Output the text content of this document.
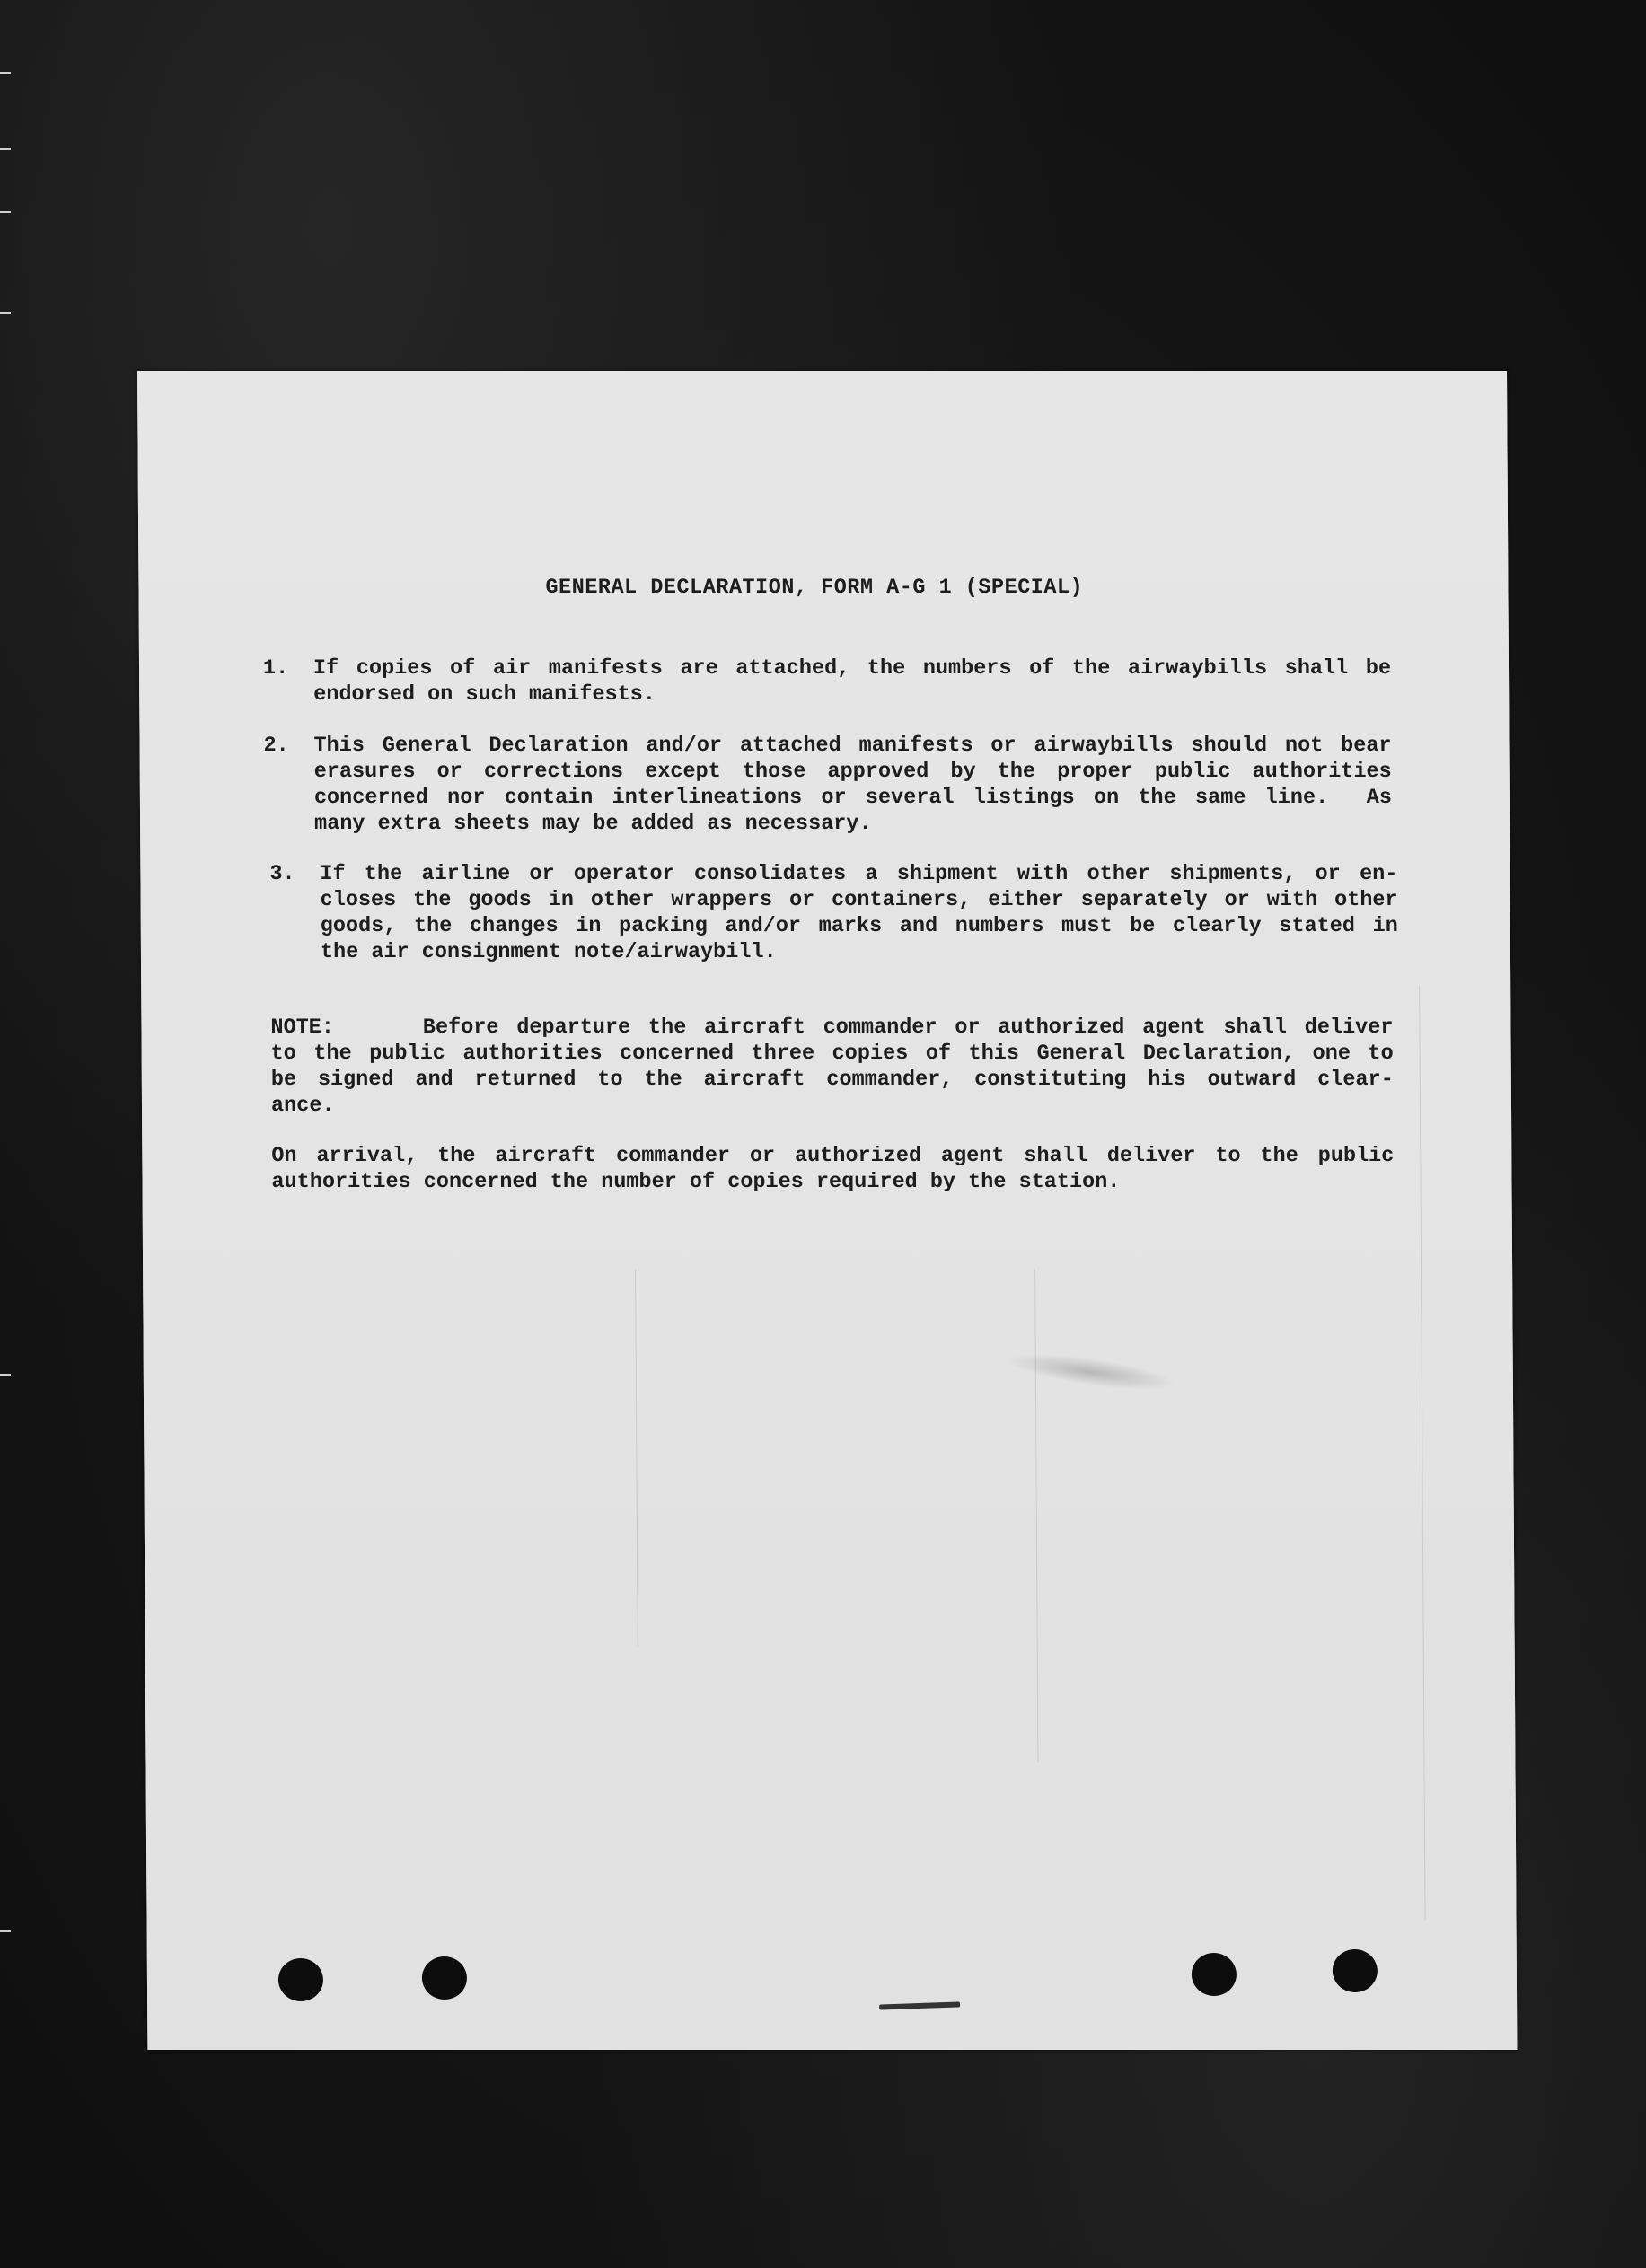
GENERAL DECLARATION, FORM A-G 1 (SPECIAL)
1.	If copies of air manifests are attached, the numbers of the airwaybills shall be
endorsed on such manifests.
2.	This General Declaration and/or attached manifests or airwaybills should not bear
erasures or corrections except those approved by the proper public authorities
concerned nor contain interlineations or several listings on the same line.  As
many extra sheets may be added as necessary.
3.	If the airline or operator consolidates a shipment with other shipments, or en-
closes the goods in other wrappers or containers, either separately or with other
goods, the changes in packing and/or marks and numbers must be clearly stated in
the air consignment note/airwaybill.
NOTE:     Before departure the aircraft commander or authorized agent shall deliver
to the public authorities concerned three copies of this General Declaration, one to
be signed and returned to the aircraft commander, constituting his outward clear-
ance.
On arrival, the aircraft commander or authorized agent shall deliver to the public
authorities concerned the number of copies required by the station.
